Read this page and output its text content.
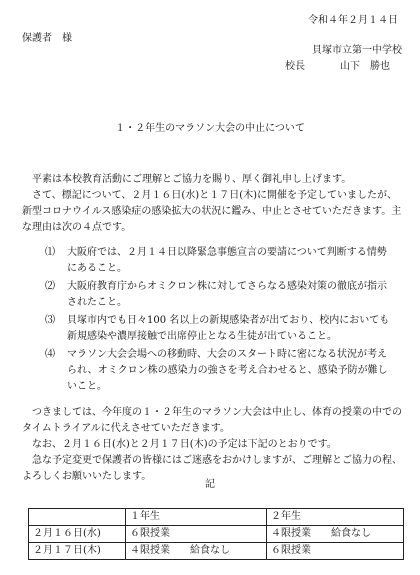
令和４年２月１４日
保護者　様
貝塚市立第一中学校
校長	山下　勝也
１・２年生のマラソン大会の中止について

平素は本校教育活動にご理解とご協力を賜り、厚く御礼申し上げます。

さて、標記について、２月１６日(水)と１７日(木)に開催を予定していましたが、新型コロナウイルス感染症の感染拡大の状況に鑑み、中止とさせていただきます。主な理由は次の４点です。

⑴	大阪府では、２月１４日以降緊急事態宣言の要請について判断する情勢にあること。
⑵	大阪府教育庁からオミクロン株に対してさらなる感染対策の徹底が指示されたこと。
⑶	貝塚市内でも日々100 名以上の新規感染者が出ており、校内においても新規感染や濃厚接触で出席停止となる生徒が出ていること。
⑷	マラソン大会会場への移動時、大会のスタート時に密になる状況が考えられ、オミクロン株の感染力の強さを考え合わせると、感染予防が難しいこと。

つきましては、今年度の１・２年生のマラソン大会は中止し、体育の授業の中でのタイムトライアルに代えさせていただきます。

なお、２月１６日(水)と２月１７日(木)の予定は下記のとおりです。

急な予定変更で保護者の皆様にはご迷惑をおかけしますが、ご理解とご協力の程、よろしくお願いいたします。

記
	１年生	２年生
２月１６日(水)	６限授業	４限授業　　給食なし
２月１７日(木)	４限授業　　給食なし	６限授業
